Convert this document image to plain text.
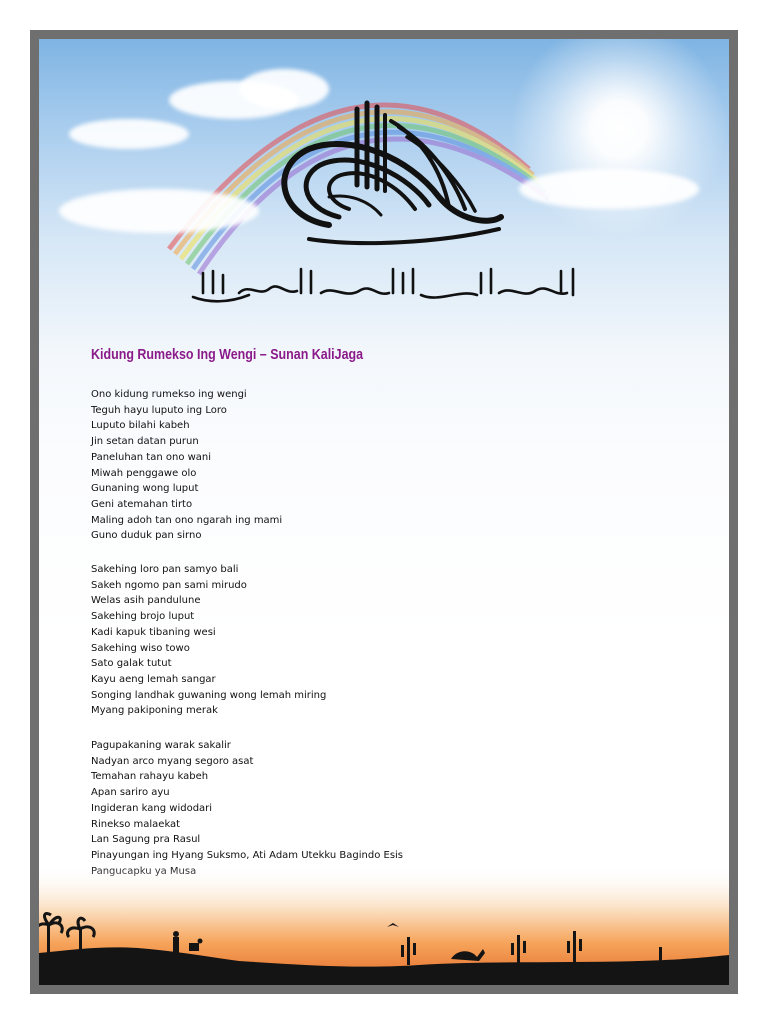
Kidung Rumekso Ing Wengi – Sunan KaliJaga
Ono kidung rumekso ing wengi
Teguh hayu luputo ing Loro
Luputo bilahi kabeh
Jin setan datan purun
Paneluhan tan ono wani
Miwah penggawe olo
Gunaning wong luput
Geni atemahan tirto
Maling adoh tan ono ngarah ing mami
Guno duduk pan sirno
Sakehing loro pan samyo bali
Sakeh ngomo pan sami mirudo
Welas asih pandulune
Sakehing brojo luput
Kadi kapuk tibaning wesi
Sakehing wiso towo
Sato galak tutut
Kayu aeng lemah sangar
Songing landhak guwaning wong lemah miring
Myang pakiponing merak
Pagupakaning warak sakalir
Nadyan arco myang segoro asat
Temahan rahayu kabeh
Apan sariro ayu
Ingideran kang widodari
Rinekso malaekat
Lan Sagung pra Rasul
Pinayungan ing Hyang Suksmo, Ati Adam Utekku Bagindo Esis
